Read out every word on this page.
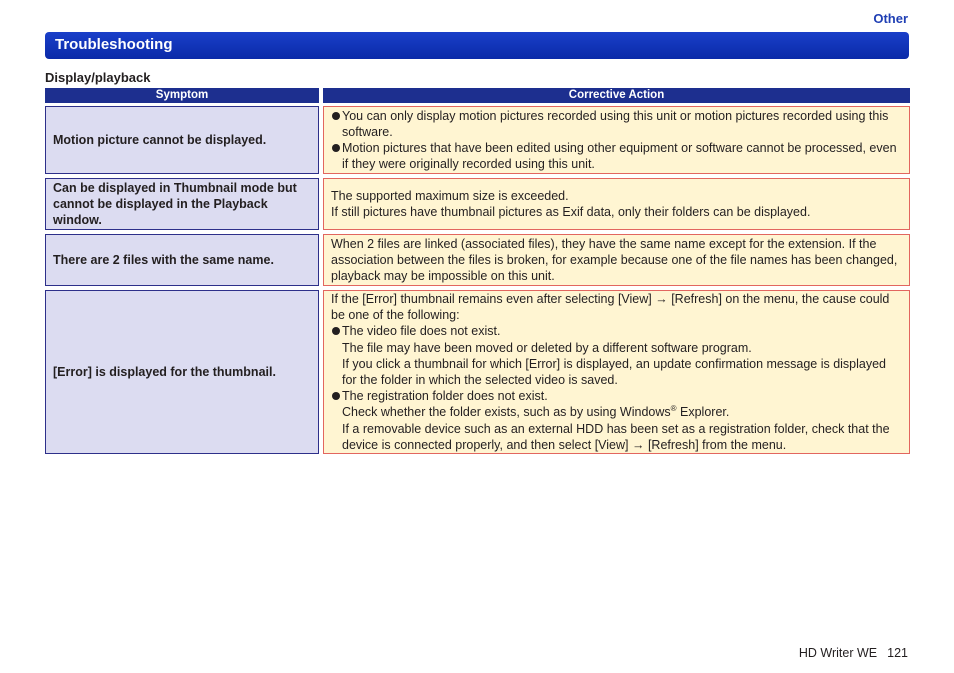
Other
Troubleshooting
Display/playback
Symptom	Corrective Action
Motion picture cannot be displayed.
You can only display motion pictures recorded using this unit or motion pictures recorded using this software.
Motion pictures that have been edited using other equipment or software cannot be processed, even if they were originally recorded using this unit.
Can be displayed in Thumbnail mode but cannot be displayed in the Playback window.
The supported maximum size is exceeded.
If still pictures have thumbnail pictures as Exif data, only their folders can be displayed.
There are 2 files with the same name.
When 2 files are linked (associated files), they have the same name except for the extension. If the association between the files is broken, for example because one of the file names has been changed, playback may be impossible on this unit.
[Error] is displayed for the thumbnail.
If the [Error] thumbnail remains even after selecting [View] → [Refresh] on the menu, the cause could be one of the following:
The video file does not exist.
The file may have been moved or deleted by a different software program.
If you click a thumbnail for which [Error] is displayed, an update confirmation message is displayed for the folder in which the selected video is saved.
The registration folder does not exist.
Check whether the folder exists, such as by using Windows® Explorer.
If a removable device such as an external HDD has been set as a registration folder, check that the device is connected properly, and then select [View] → [Refresh] from the menu.
HD Writer WE 121
